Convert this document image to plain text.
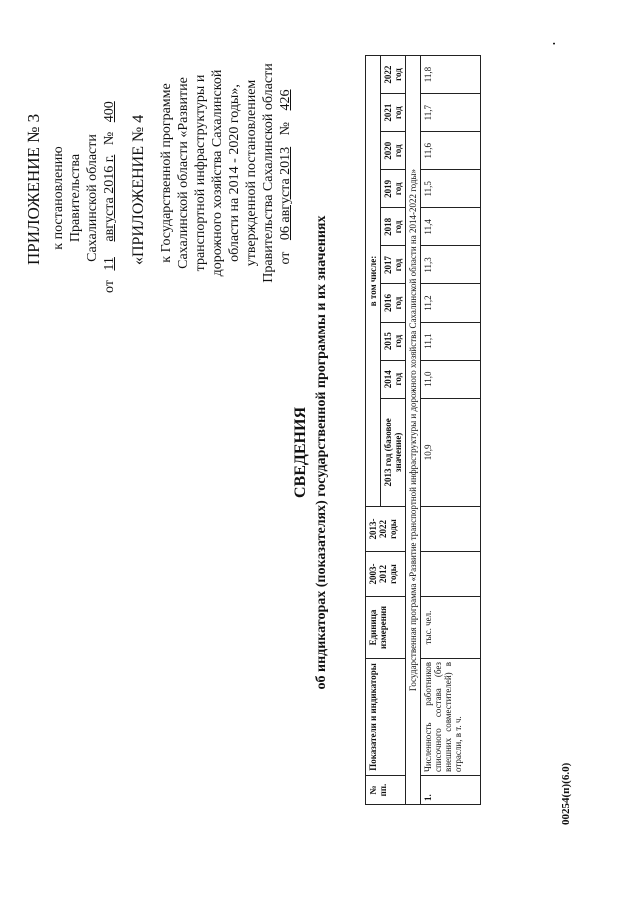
ПРИЛОЖЕНИЕ № 3 к постановлению Правительства Сахалинской области
от 11 августа 2016 г. № 400
«ПРИЛОЖЕНИЕ № 4 к Государственной программе Сахалинской области «Развитие транспортной инфраструктуры и дорожного хозяйства Сахалинской области на 2014 - 2020 годы», утвержденной постановлением Правительства Сахалинской области от 06 августа 2013 № 426
СВЕДЕНИЯ об индикаторах (показателях) государственной программы и их значениях
№ пп.	Показатели и индикаторы	Единица измерения	2003-2012 годы	2013-2022 годы	в том числе:									
					2013 год (базовое значение)	2014 год	2015 год	2016 год	2017 год	2018 год	2019 год	2020 год	2021 год	2022 год
Государственная программа «Развитие транспортной инфраструктуры и дорожного хозяйства Сахалинской области на 2014-2022 годы»														
1.	Численность работников списочного состава (без внешних совместителей) в отрасли, в т. ч.	тыс. чел.			10,9	11,0	11,1	11,2	11,3	11,4	11,5	11,6	11,7	11,8
00254(п)(6.0)
•
